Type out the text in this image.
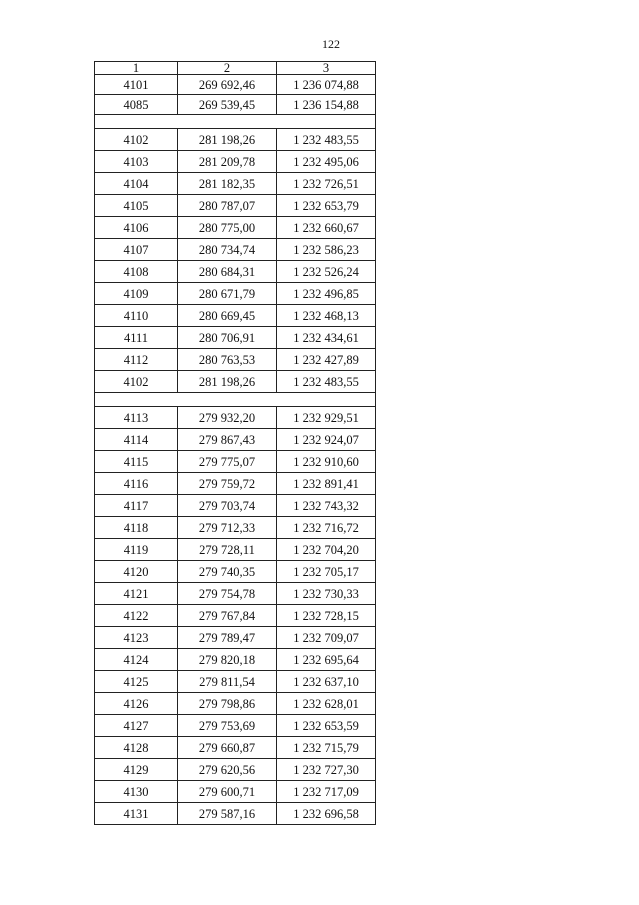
122
1	2	3
4101	269 692,46	1 236 074,88
4085	269 539,45	1 236 154,88

4102	281 198,26	1 232 483,55
4103	281 209,78	1 232 495,06
4104	281 182,35	1 232 726,51
4105	280 787,07	1 232 653,79
4106	280 775,00	1 232 660,67
4107	280 734,74	1 232 586,23
4108	280 684,31	1 232 526,24
4109	280 671,79	1 232 496,85
4110	280 669,45	1 232 468,13
4111	280 706,91	1 232 434,61
4112	280 763,53	1 232 427,89
4102	281 198,26	1 232 483,55

4113	279 932,20	1 232 929,51
4114	279 867,43	1 232 924,07
4115	279 775,07	1 232 910,60
4116	279 759,72	1 232 891,41
4117	279 703,74	1 232 743,32
4118	279 712,33	1 232 716,72
4119	279 728,11	1 232 704,20
4120	279 740,35	1 232 705,17
4121	279 754,78	1 232 730,33
4122	279 767,84	1 232 728,15
4123	279 789,47	1 232 709,07
4124	279 820,18	1 232 695,64
4125	279 811,54	1 232 637,10
4126	279 798,86	1 232 628,01
4127	279 753,69	1 232 653,59
4128	279 660,87	1 232 715,79
4129	279 620,56	1 232 727,30
4130	279 600,71	1 232 717,09
4131	279 587,16	1 232 696,58
